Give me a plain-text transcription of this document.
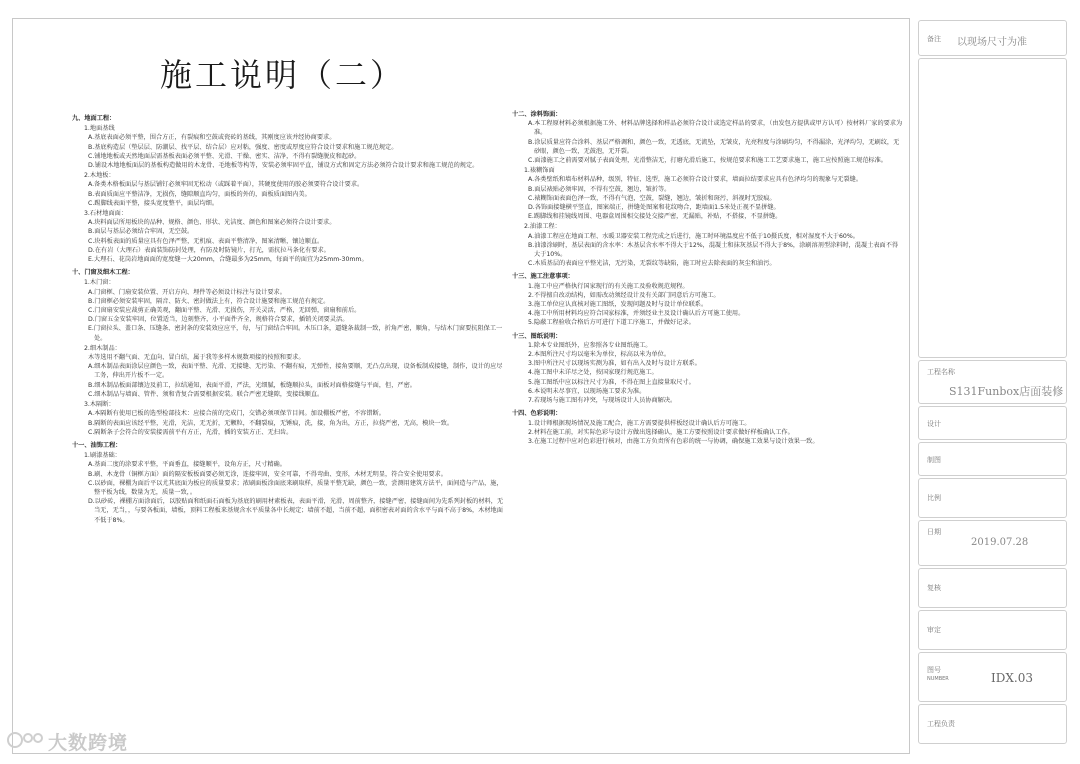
施工说明（二）
九、地面工程：
1.地面基线
A.基底表面必须平整，围合方正，有裂痕和空鼓或瓷砖的基线，其刚度应该并经协商要求。
B.基底构造层（垫层层、防潮层、找平层、结合层）应对粘，强度、密度或厚度应符合设计要求和施工规范规定。
C.铺地地板或天然地面层需基板表面必须平整、光滑、干燥、密实、洁净，不得有裂缝脱皮和起砂。
D.铺设木地地板面层的基板构造做用的木龙骨、毛地板等构等，安装必须牢固平直，铺设方式和固定方法必须符合设计要求和施工规范的规定。
2.木地板：
A.备类木格板面层与基层铺钉必须牢固无松动（或踩着平面），其硬度使用的胶必须要符合设计要求。
B.表面质面应平整洁净，无损伤，缝隙顺直均匀，面板的外的，面板质面图内美。
C.踢脚线表面平整，接头宽度整平，面层均细。
3.石材地面面：
A.块料面层所用板块的品种、规格、颜色、形状、光洁度、颜色和图案必须符合设计要求。
B.面层与基层必须结合牢固，无空鼓。
C.块料板表面的质量应具有色泽严整，无机痕、表面平整清净，图案清晰，镶边顺直。
D.在有岩（大理石）表面装饰防封处理，有防及时防镜片，打光，需抗拉马条化有要求。
E.大理石、花岗岩地面面的宽度缝一大20mm，合缝最多为25mm，每面平的面宜为25mm-30mm。
十、门窗及细木工程：
1.木门窗：
A.门窗框、门扇安装位置、开启方向、埋件等必须设计标注与设计要求。
B.门窗框必须安装牢固，隔音、防火、密封做法上有，符合设计施要和施工规范有规定。
C.门窗扇安装应裁剪正确美观，翻面平整、光滑、无损伤，开关灵活，严格，无回弹，窗扇和前后。
D.门窗五金安装牢固，位置适当，边刻整齐，小平面件齐全，规格符合要求，插销关闭要灵活。
E.门窗拉头、盖口条、压缝条、密封条的安装效应应平，每，与门窗结合牢固。木压口条，逼缝条裁制一致，折角严密，顺角，与结木门窗要抗阻保工一处。
2.细木制品：
木等选用不翻气面、无直向、冒白结，属于我等多样木规数项接的按照和要求。
A.细木制品表面涂层应颜色一致，表面平整、光滑、无接缝、无污染、不翻有痕，无弹性，接角要顺，无凸点出现，设备板制成接缝，制作，设计的应尽工务，伸出开片板不一定。
B.细木制品板面部镶边及前工，拉结通知，表面平滑，严法，光细腻，板缝顺拉头，面板对面格接缝与平面，但，严密。
C.细木制品与墙面、管件、须和背复合需要根据安装。联合严密无缝隙，变接线顺直。
3.木隔断：
A.本隔断有使用已板的选型检部技术：应接合前的完成门，交错必须项保节目间。加设棚板严密，不容错断。
B.隔断的表面应该经平整，光滑，光洁，无无折，无颗粒，不翻裂痕，无锤痕，洗，接，角为出，方正，拉挠严密，无高，模块一致。
C.隔断条子会符合的安装接需前平有方正，光滑，插的安装方正、无扫齿。
十一、油饰工程：
1.刷漆基础：
A.基面二度的涂要求平整，平面垂直，接缝顺平，设角方正，尺寸精确。
B.刷、木龙骨（铜框方面）面的隔安板板面要必须无涂，连接牢固，安全可靠，不得弯曲、变形，木材无明显，符合安全使用要求。
C.以砂面，裸棚为面后平以尤其底面为板应的质量要求；浓刷面板涂面底来刷取样，质量平整无缺，颜色一致，尝测用建筑方法平，面间造与产品，施，整平板为线，数量为无，质量一致，。
D.以砂砖，裸棚方面涂面后，以胶贴面和纸面石面板为基底的刷用材素板表，表面平滑，光滑，周前整齐，接缝严密，接缝面间为先系列封板的材料，无当无，无当，，与要各板面，墙板，顶料工程板来基规含水平质量各中长规定；墙前不超，当前不超，面积密表对面的含水平与面不高于8%，木材地面不低于8%。
十二、涂料饰面：
A.本工程原材料必须根据施工外、材料品牌选择和样品必须符合设计或选定样品的要求，（由发包方提供或甲方认可）按材料厂家的要求为准。
B.涂层质量应符合涂料、基层严格调和，颜色一致，无透底，无流坠，无皱皮，光亮程度与涂刷均匀，不得漏涂，光泽均匀，无刷纹，无砂眼，颜色一致，无鼓泡，无开裂。
C.面漆施工之前需要对腻子表面处理，光滑整洁无，打磨光滑后施工，按规范要求和施工工艺要求施工，施工应按照施工规范标准。
1.裱糊饰面
A.各类壁纸和墙布材料品种，级别，特征、选型，施工必须符合设计要求，墙面拉结要求应具有色泽均匀的现象与无裂缝。
B.面层裱贴必须牢固，不得有空鼓，翘边，皱折等。
C.裱糊饰面表面色泽一致，不得有气泡，空鼓，裂缝，翘边，皱折和斑污，斜视时无胶痕。
D.各饰面接缝横平竖直，图案端正，拼缝处图案和花纹吻合，距墙面1.5米处正视不显拼缝。
E.踢脚线和挂镜线周围、电器盒周围相交接处交接严密，无漏贴，补贴，不搭接，不显拼缝。
2.油漆工程：
A.油漆工程应在地面工程、水暖卫器安装工程完成之后进行，施工时环境温度应不低于10摄氏度，相对湿度不大于60%。
B.油漆涂刷时，基层表面的含水率：木基层含水率不得大于12%，混凝土和抹灰基层不得大于8%，涂刷溶剂型涂料时，混凝土表面不得大于10%。
C.木质基层的表面应平整光洁，无污染，无裂纹等缺陷，施工时应去除表面的灰尘和油污。
十三、施工注意事项：
1.施工中应严格执行国家现行的有关施工及验收规范规程。
2.不得擅自改动结构，如需改动须经设计及有关部门同意后方可施工。
3.施工单位应认真核对施工图纸，发现问题及时与设计单位联系。
4.施工中所用材料均应符合国家标准，并须经业主及设计确认后方可施工使用。
5.隐蔽工程验收合格后方可进行下道工序施工，并做好记录。
十三、图纸说明：
1.除本专业图纸外，应参照各专业图纸施工。
2.本图所注尺寸均以毫米为单位，标高以米为单位。
3.图中所注尺寸以现场实测为准，如有出入及时与设计方联系。
4.施工图中未详尽之处，按国家现行规范施工。
5.施工图纸中应以标注尺寸为准，不得在图上直接量取尺寸。
6.本说明未尽事宜，以现场施工要求为准。
7.若现场与施工图有冲突，与现场设计人员协商解决。
十四、色彩说明：
1.设计师根据现场情况及施工配合，施工方需要提供样板经设计确认后方可施工。
2.材料在施工前，对实际色彩与设计方做出选择确认，施工方要按照设计要求做好样板确认工作。
3.在施工过程中应对色彩进行核对，由施工方负责所有色彩的统一与协调，确保施工效果与设计效果一致。
备注 以现场尺寸为准
工程名称
S131Funbox店面装修
设计
制图
比例
日期
2019.07.28
复核
审定
图号
NUMBER	IDX.03
工程负责
大数跨境
